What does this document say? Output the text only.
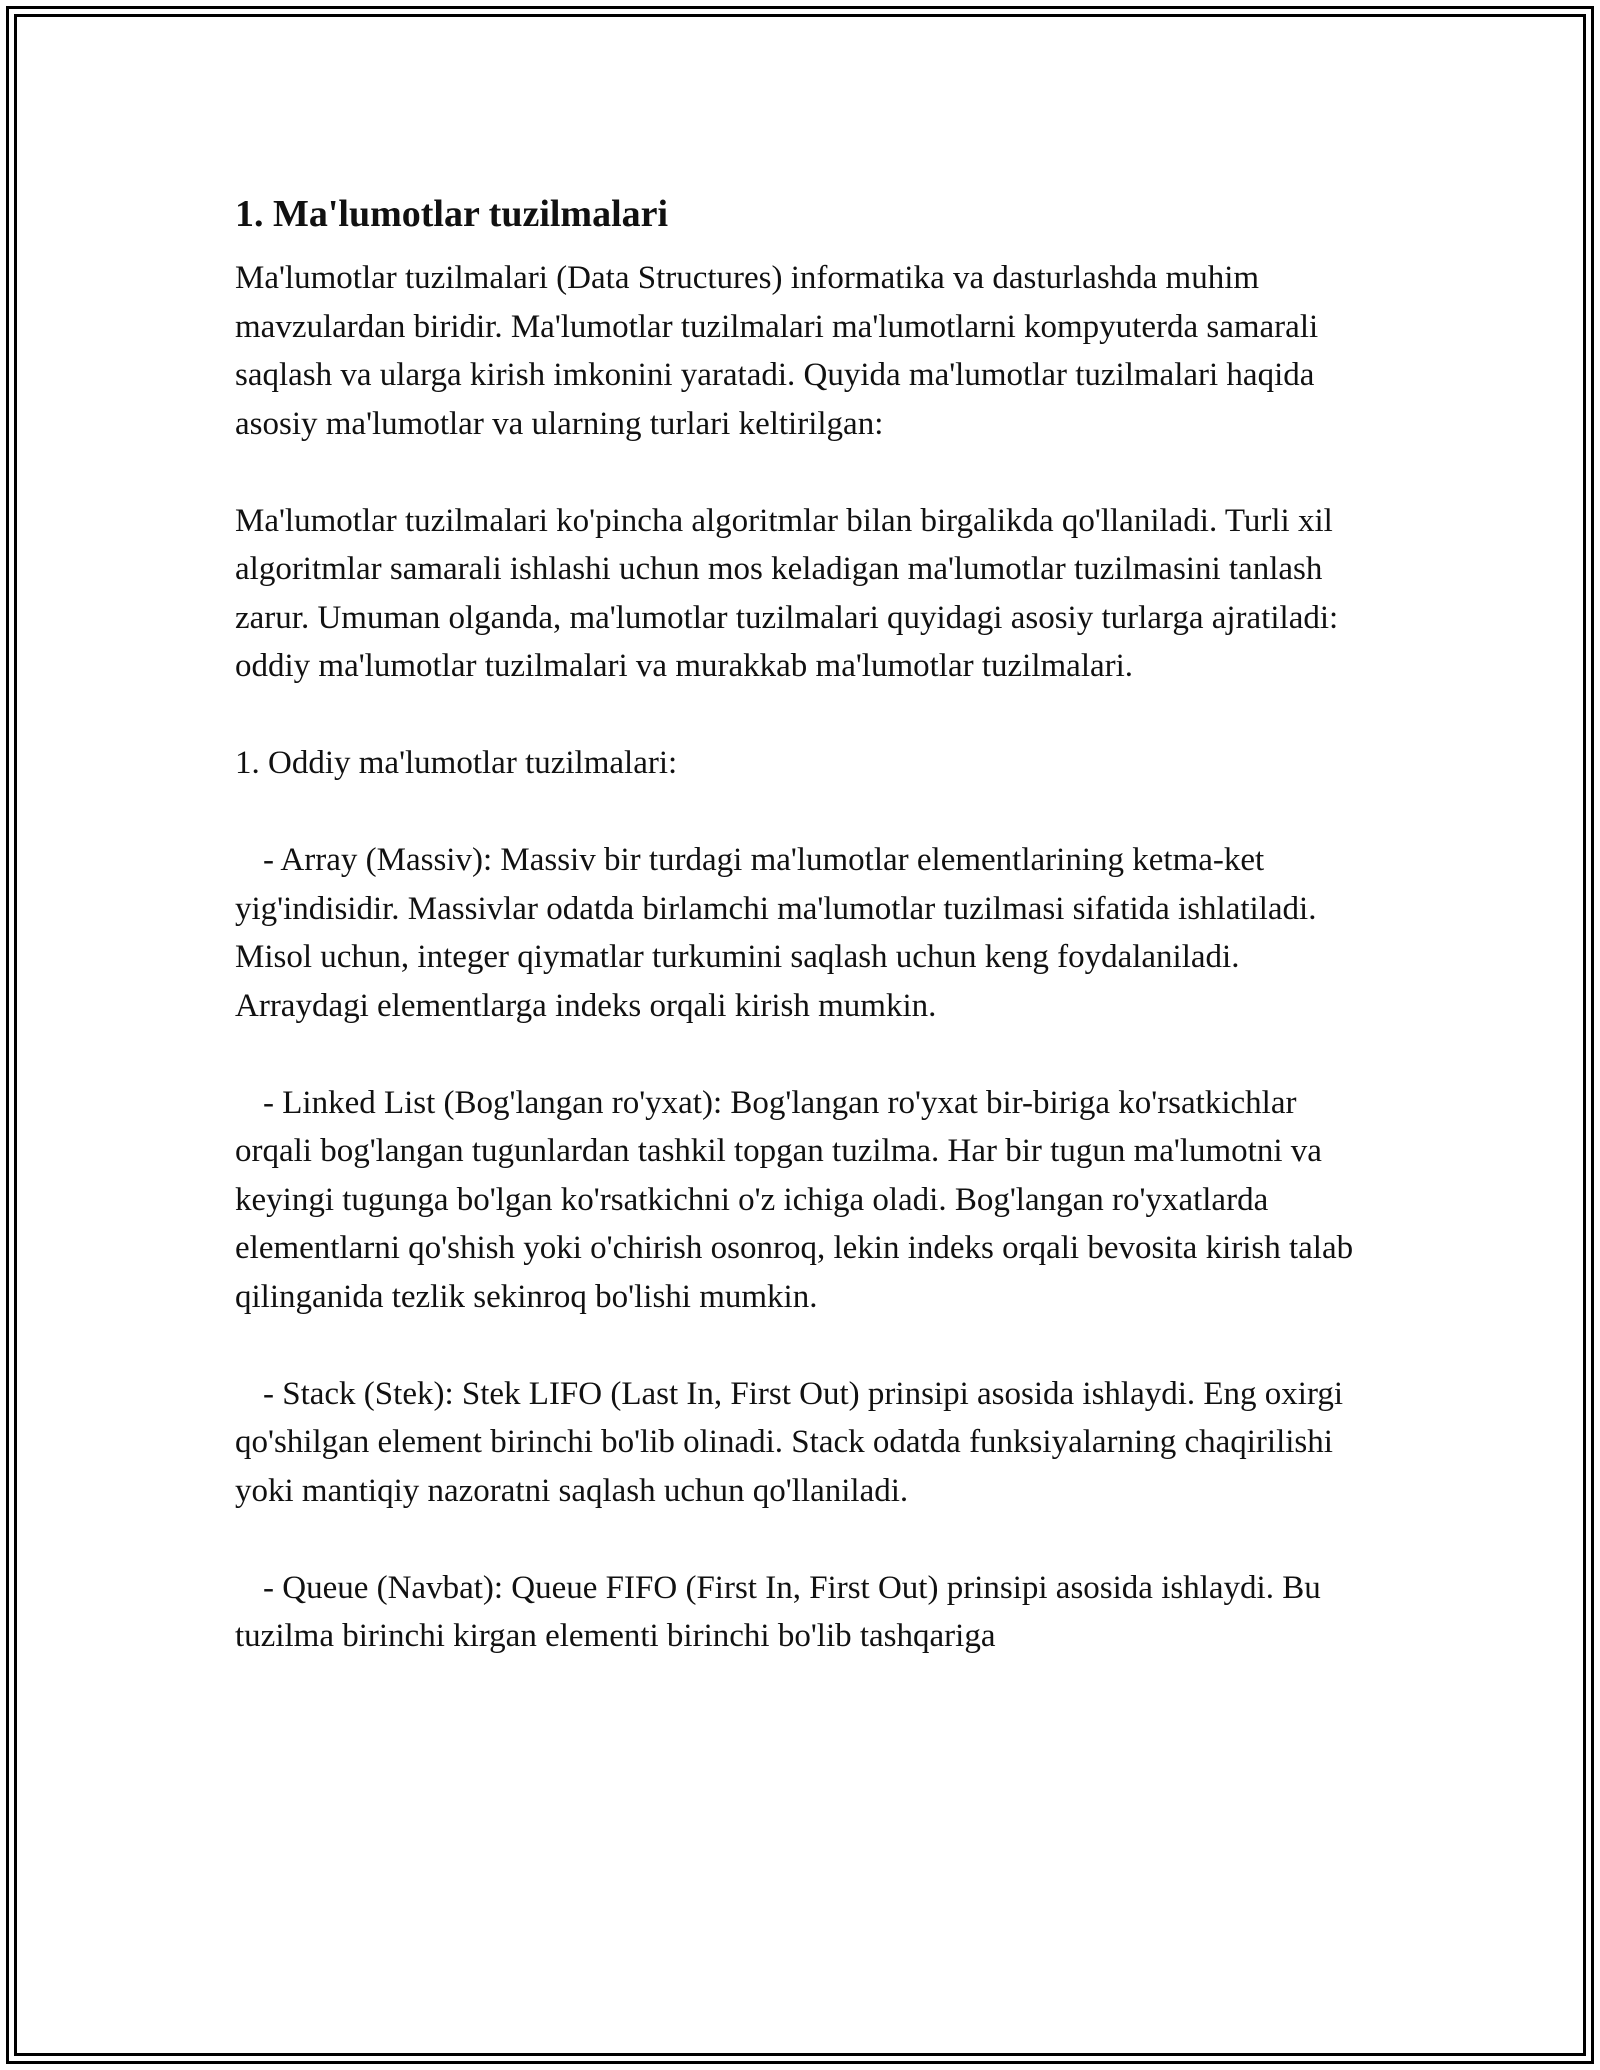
1. Ma'lumotlar tuzilmalari

Ma'lumotlar tuzilmalari (Data Structures) informatika va dasturlashda muhim mavzulardan biridir. Ma'lumotlar tuzilmalari ma'lumotlarni kompyuterda samarali saqlash va ularga kirish imkonini yaratadi. Quyida ma'lumotlar tuzilmalari haqida asosiy ma'lumotlar va ularning turlari keltirilgan:

Ma'lumotlar tuzilmalari ko'pincha algoritmlar bilan birgalikda qo'llaniladi. Turli xil algoritmlar samarali ishlashi uchun mos keladigan ma'lumotlar tuzilmasini tanlash zarur. Umuman olganda, ma'lumotlar tuzilmalari quyidagi asosiy turlarga ajratiladi: oddiy ma'lumotlar tuzilmalari va murakkab ma'lumotlar tuzilmalari.

1. Oddiy ma'lumotlar tuzilmalari:

- Array (Massiv): Massiv bir turdagi ma'lumotlar elementlarining ketma-ket yig'indisidir. Massivlar odatda birlamchi ma'lumotlar tuzilmasi sifatida ishlatiladi. Misol uchun, integer qiymatlar turkumini saqlash uchun keng foydalaniladi. Arraydagi elementlarga indeks orqali kirish mumkin.

- Linked List (Bog'langan ro'yxat): Bog'langan ro'yxat bir-biriga ko'rsatkichlar orqali bog'langan tugunlardan tashkil topgan tuzilma. Har bir tugun ma'lumotni va keyingi tugunga bo'lgan ko'rsatkichni o'z ichiga oladi. Bog'langan ro'yxatlarda elementlarni qo'shish yoki o'chirish osonroq, lekin indeks orqali bevosita kirish talab qilinganida tezlik sekinroq bo'lishi mumkin.

- Stack (Stek): Stek LIFO (Last In, First Out) prinsipi asosida ishlaydi. Eng oxirgi qo'shilgan element birinchi bo'lib olinadi. Stack odatda funksiyalarning chaqirilishi yoki mantiqiy nazoratni saqlash uchun qo'llaniladi.

- Queue (Navbat): Queue FIFO (First In, First Out) prinsipi asosida ishlaydi. Bu tuzilma birinchi kirgan elementi birinchi bo'lib tashqariga
